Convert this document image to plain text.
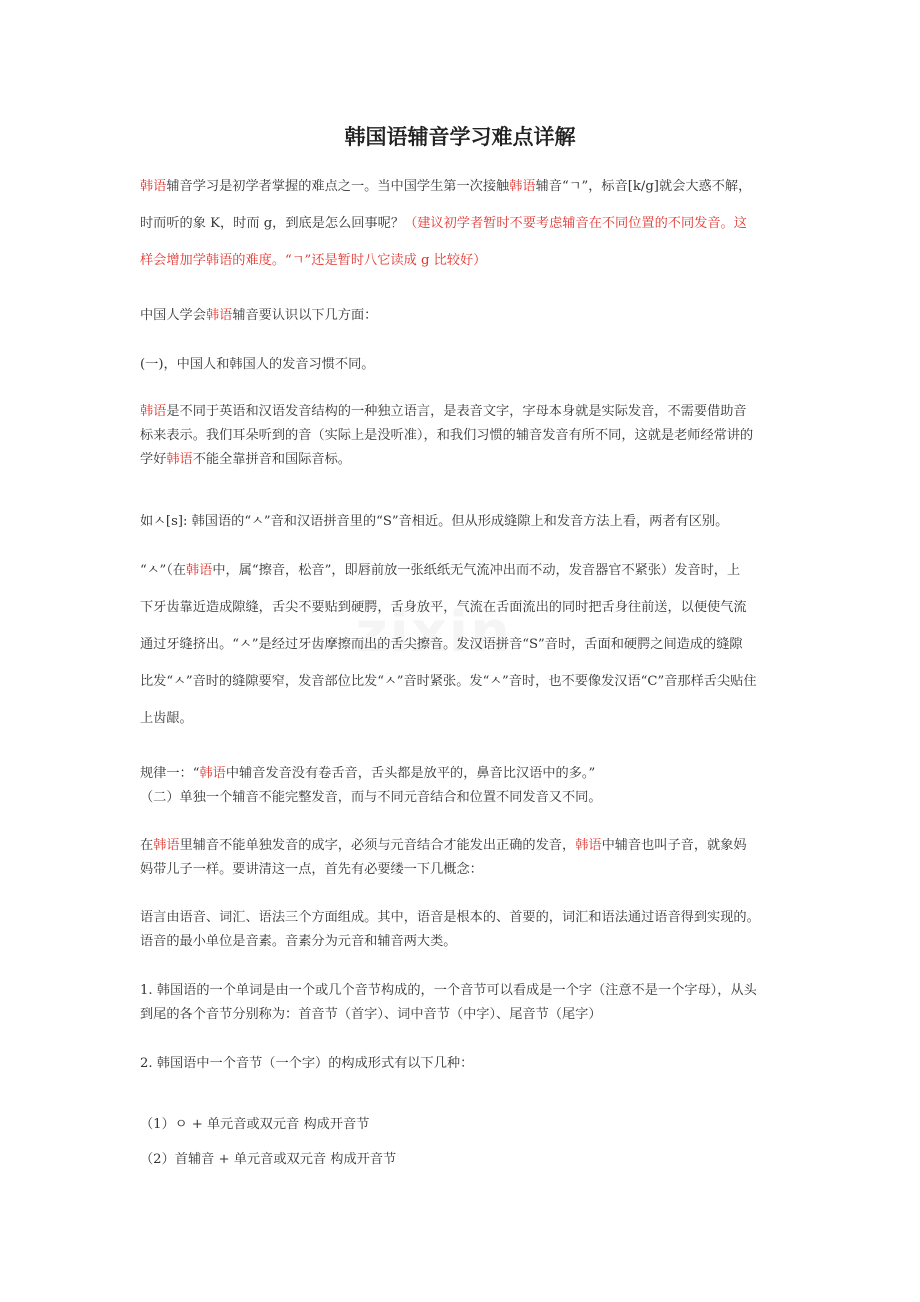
韩国语辅音学习难点详解
韩语辅音学习是初学者掌握的难点之一。当中国学生第一次接触韩语辅音“ㄱ”，标音[k/g]就会大惑不解，
时而听的象 K，时而 g，到底是怎么回事呢？（建议初学者暂时不要考虑辅音在不同位置的不同发音。这
样会增加学韩语的难度。“ㄱ”还是暂时八它读成 g 比较好）
中国人学会韩语辅音要认识以下几方面：
(一)，中国人和韩国人的发音习惯不同。
韩语是不同于英语和汉语发音结构的一种独立语言，是表音文字，字母本身就是实际发音，不需要借助音
标来表示。我们耳朵听到的音（实际上是没听准），和我们习惯的辅音发音有所不同，这就是老师经常讲的
学好韩语不能全靠拼音和国际音标。
如ㅅ[s]: 韩国语的“ㅅ”音和汉语拼音里的“S”音相近。但从形成缝隙上和发音方法上看，两者有区别。
“ㅅ”（在韩语中，属“擦音，松音”，即唇前放一张纸纸无气流冲出而不动，发音器官不紧张）发音时，上
下牙齿靠近造成隙缝，舌尖不要贴到硬腭，舌身放平，气流在舌面流出的同时把舌身往前送，以便使气流
通过牙缝挤出。“ㅅ”是经过牙齿摩擦而出的舌尖擦音。发汉语拼音“S”音时，舌面和硬腭之间造成的缝隙
比发“ㅅ”音时的缝隙要窄，发音部位比发“ㅅ”音时紧张。发“ㅅ”音时，也不要像发汉语“C”音那样舌尖贴住
上齿龈。
规律一：“韩语中辅音发音没有卷舌音，舌头都是放平的，鼻音比汉语中的多。”
（二）单独一个辅音不能完整发音，而与不同元音结合和位置不同发音又不同。
在韩语里辅音不能单独发音的成字，必须与元音结合才能发出正确的发音，韩语中辅音也叫子音，就象妈
妈带儿子一样。要讲清这一点，首先有必要缕一下几概念：
语言由语音、词汇、语法三个方面组成。其中，语音是根本的、首要的，词汇和语法通过语音得到实现的。
语音的最小单位是音素。音素分为元音和辅音两大类。
1. 韩国语的一个单词是由一个或几个音节构成的，一个音节可以看成是一个字（注意不是一个字母），从头
到尾的各个音节分别称为：首音节（首字）、词中音节（中字）、尾音节（尾字）
2. 韩国语中一个音节（一个字）的构成形式有以下几种：
（1）ㅇ + 单元音或双元音 构成开音节
（2）首辅音 + 单元音或双元音 构成开音节
